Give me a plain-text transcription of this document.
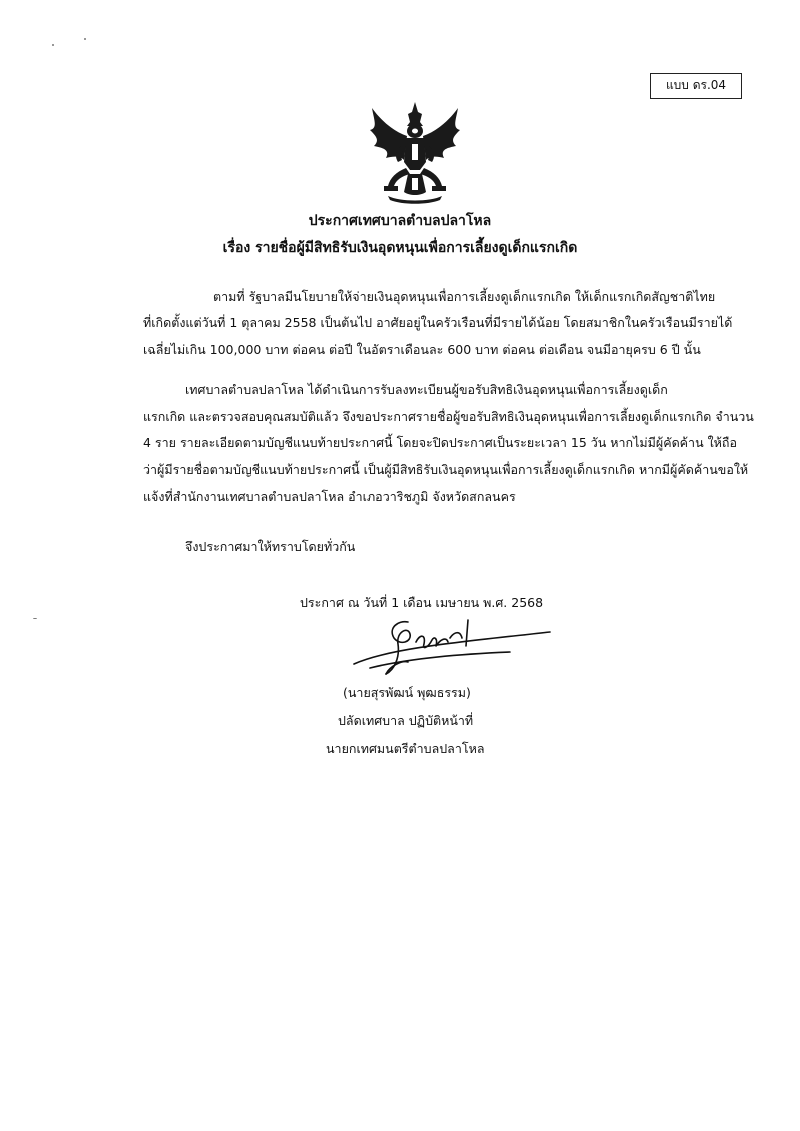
แบบ ดร.04
ประกาศเทศบาลตำบลปลาโหล
เรื่อง รายชื่อผู้มีสิทธิรับเงินอุดหนุนเพื่อการเลี้ยงดูเด็กแรกเกิด
ตามที่ รัฐบาลมีนโยบายให้จ่ายเงินอุดหนุนเพื่อการเลี้ยงดูเด็กแรกเกิด ให้เด็กแรกเกิดสัญชาติไทย
ที่เกิดตั้งแต่วันที่ 1 ตุลาคม 2558 เป็นต้นไป อาศัยอยู่ในครัวเรือนที่มีรายได้น้อย โดยสมาชิกในครัวเรือนมีรายได้
เฉลี่ยไม่เกิน 100,000 บาท ต่อคน ต่อปี ในอัตราเดือนละ 600 บาท ต่อคน ต่อเดือน จนมีอายุครบ 6 ปี นั้น
เทศบาลตำบลปลาโหล ได้ดำเนินการรับลงทะเบียนผู้ขอรับสิทธิเงินอุดหนุนเพื่อการเลี้ยงดูเด็ก
แรกเกิด และตรวจสอบคุณสมบัติแล้ว จึงขอประกาศรายชื่อผู้ขอรับสิทธิเงินอุดหนุนเพื่อการเลี้ยงดูเด็กแรกเกิด จำนวน
4 ราย รายละเอียดตามบัญชีแนบท้ายประกาศนี้ โดยจะปิดประกาศเป็นระยะเวลา 15 วัน หากไม่มีผู้คัดค้าน ให้ถือ
ว่าผู้มีรายชื่อตามบัญชีแนบท้ายประกาศนี้ เป็นผู้มีสิทธิรับเงินอุดหนุนเพื่อการเลี้ยงดูเด็กแรกเกิด หากมีผู้คัดค้านขอให้
แจ้งที่สำนักงานเทศบาลตำบลปลาโหล อำเภอวาริชภูมิ จังหวัดสกลนคร
จึงประกาศมาให้ทราบโดยทั่วกัน
ประกาศ ณ วันที่ 1 เดือน เมษายน พ.ศ. 2568
(นายสุรพัฒน์ พุฒธรรม)
ปลัดเทศบาล ปฏิบัติหน้าที่
นายกเทศมนตรีตำบลปลาโหล
